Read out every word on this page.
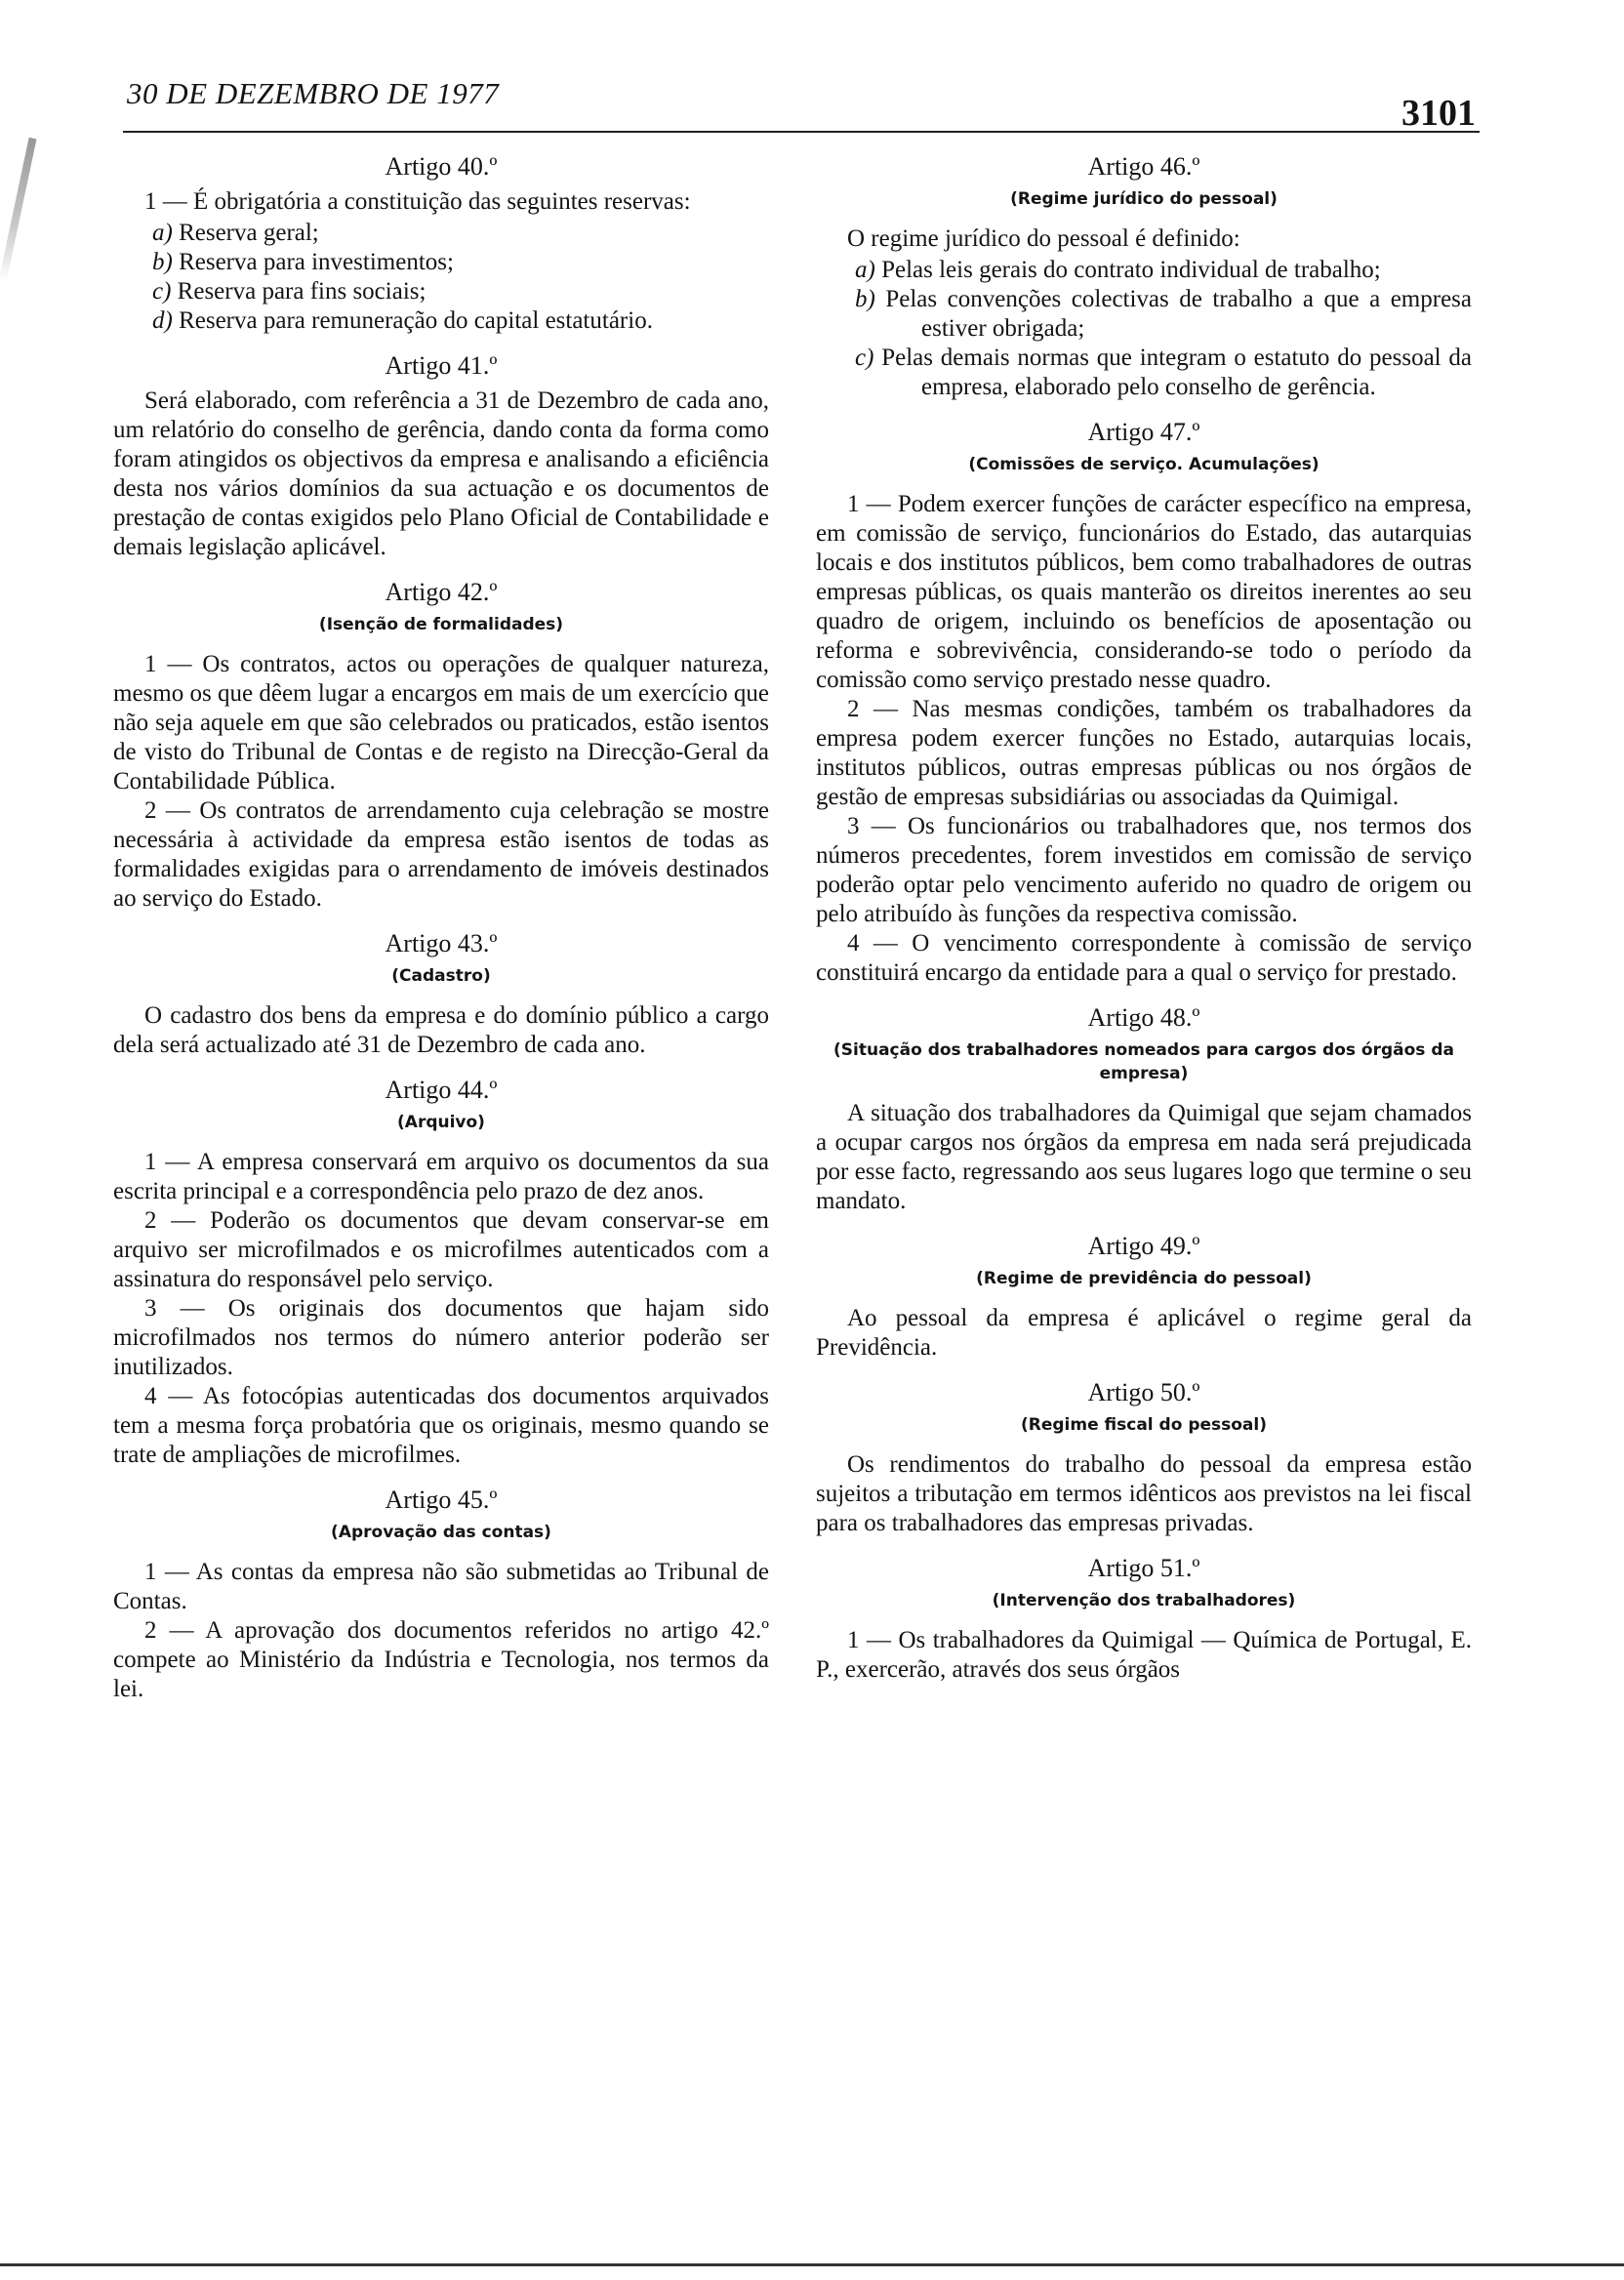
30 DE DEZEMBRO DE 1977	3101
Artigo 40.º

1 — É obrigatória a constituição das seguintes reservas:

a) Reserva geral;
b) Reserva para investimentos;
c) Reserva para fins sociais;
d) Reserva para remuneração do capital estatutário.
Artigo 41.º

Será elaborado, com referência a 31 de Dezembro de cada ano, um relatório do conselho de gerência, dando conta da forma como foram atingidos os objectivos da empresa e analisando a eficiência desta nos vários domínios da sua actuação e os documentos de prestação de contas exigidos pelo Plano Oficial de Contabilidade e demais legislação aplicável.

Artigo 42.º
(Isenção de formalidades)

1 — Os contratos, actos ou operações de qualquer natureza, mesmo os que dêem lugar a encargos em mais de um exercício que não seja aquele em que são celebrados ou praticados, estão isentos de visto do Tribunal de Contas e de registo na Direcção-Geral da Contabilidade Pública.

2 — Os contratos de arrendamento cuja celebração se mostre necessária à actividade da empresa estão isentos de todas as formalidades exigidas para o arrendamento de imóveis destinados ao serviço do Estado.

Artigo 43.º
(Cadastro)

O cadastro dos bens da empresa e do domínio público a cargo dela será actualizado até 31 de Dezembro de cada ano.

Artigo 44.º
(Arquivo)

1 — A empresa conservará em arquivo os documentos da sua escrita principal e a correspondência pelo prazo de dez anos.

2 — Poderão os documentos que devam conservar-se em arquivo ser microfilmados e os microfilmes autenticados com a assinatura do responsável pelo serviço.

3 — Os originais dos documentos que hajam sido microfilmados nos termos do número anterior poderão ser inutilizados.

4 — As fotocópias autenticadas dos documentos arquivados tem a mesma força probatória que os originais, mesmo quando se trate de ampliações de microfilmes.

Artigo 45.º
(Aprovação das contas)

1 — As contas da empresa não são submetidas ao Tribunal de Contas.

2 — A aprovação dos documentos referidos no artigo 42.º compete ao Ministério da Indústria e Tecnologia, nos termos da lei.

Artigo 46.º
(Regime jurídico do pessoal)

O regime jurídico do pessoal é definido:

a) Pelas leis gerais do contrato individual de trabalho;
b) Pelas convenções colectivas de trabalho a que a empresa estiver obrigada;
c) Pelas demais normas que integram o estatuto do pessoal da empresa, elaborado pelo conselho de gerência.
Artigo 47.º
(Comissões de serviço. Acumulações)

1 — Podem exercer funções de carácter específico na empresa, em comissão de serviço, funcionários do Estado, das autarquias locais e dos institutos públicos, bem como trabalhadores de outras empresas públicas, os quais manterão os direitos inerentes ao seu quadro de origem, incluindo os benefícios de aposentação ou reforma e sobrevivência, considerando-se todo o período da comissão como serviço prestado nesse quadro.

2 — Nas mesmas condições, também os trabalhadores da empresa podem exercer funções no Estado, autarquias locais, institutos públicos, outras empresas públicas ou nos órgãos de gestão de empresas subsidiárias ou associadas da Quimigal.

3 — Os funcionários ou trabalhadores que, nos termos dos números precedentes, forem investidos em comissão de serviço poderão optar pelo vencimento auferido no quadro de origem ou pelo atribuído às funções da respectiva comissão.

4 — O vencimento correspondente à comissão de serviço constituirá encargo da entidade para a qual o serviço for prestado.

Artigo 48.º
(Situação dos trabalhadores nomeados para cargos dos órgãos da empresa)

A situação dos trabalhadores da Quimigal que sejam chamados a ocupar cargos nos órgãos da empresa em nada será prejudicada por esse facto, regressando aos seus lugares logo que termine o seu mandato.

Artigo 49.º
(Regime de previdência do pessoal)

Ao pessoal da empresa é aplicável o regime geral da Previdência.

Artigo 50.º
(Regime fiscal do pessoal)

Os rendimentos do trabalho do pessoal da empresa estão sujeitos a tributação em termos idênticos aos previstos na lei fiscal para os trabalhadores das empresas privadas.

Artigo 51.º
(Intervenção dos trabalhadores)

1 — Os trabalhadores da Quimigal — Química de Portugal, E. P., exercerão, através dos seus órgãos
